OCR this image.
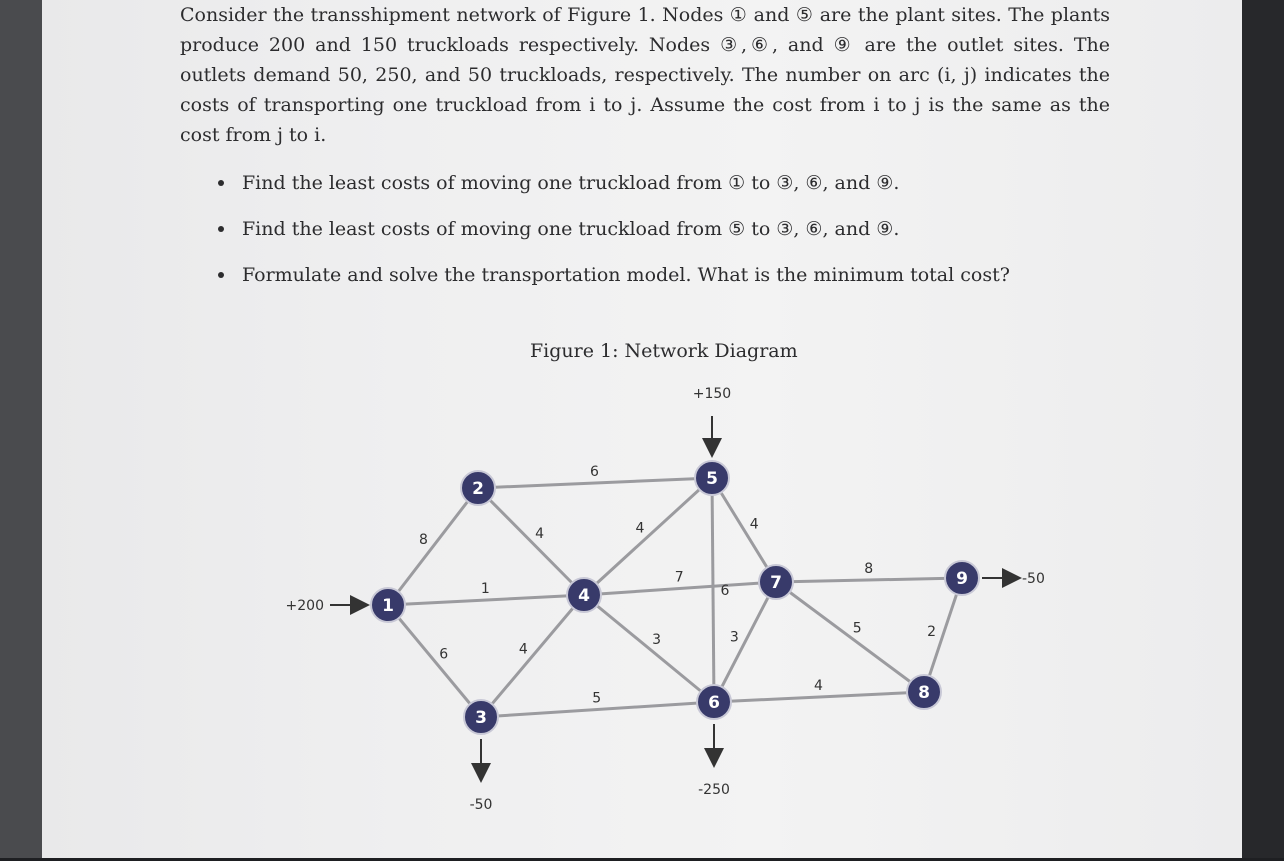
Consider the transshipment network of Figure 1. Nodes ① and ⑤ are the plant sites. The plants produce 200 and 150 truckloads respectively. Nodes ③,⑥, and ⑨ are the outlet sites. The outlets demand 50, 250, and 50 truckloads, respectively. The number on arc (i, j) indicates the costs of transporting one truckload from i to j. Assume the cost from i to j is the same as the cost from j to i.

Find the least costs of moving one truckload from ① to ③, ⑥, and ⑨.
Find the least costs of moving one truckload from ⑤ to ③, ⑥, and ⑨.
Formulate and solve the transportation model. What is the minimum total cost?
Figure 1: Network Diagram
8
1
6
6
4
4
5
4
7
3
6
4
3
4
5
8
2
+200
+150
-50
-250
-50
1
2
3
4
5
6
7
8
9
